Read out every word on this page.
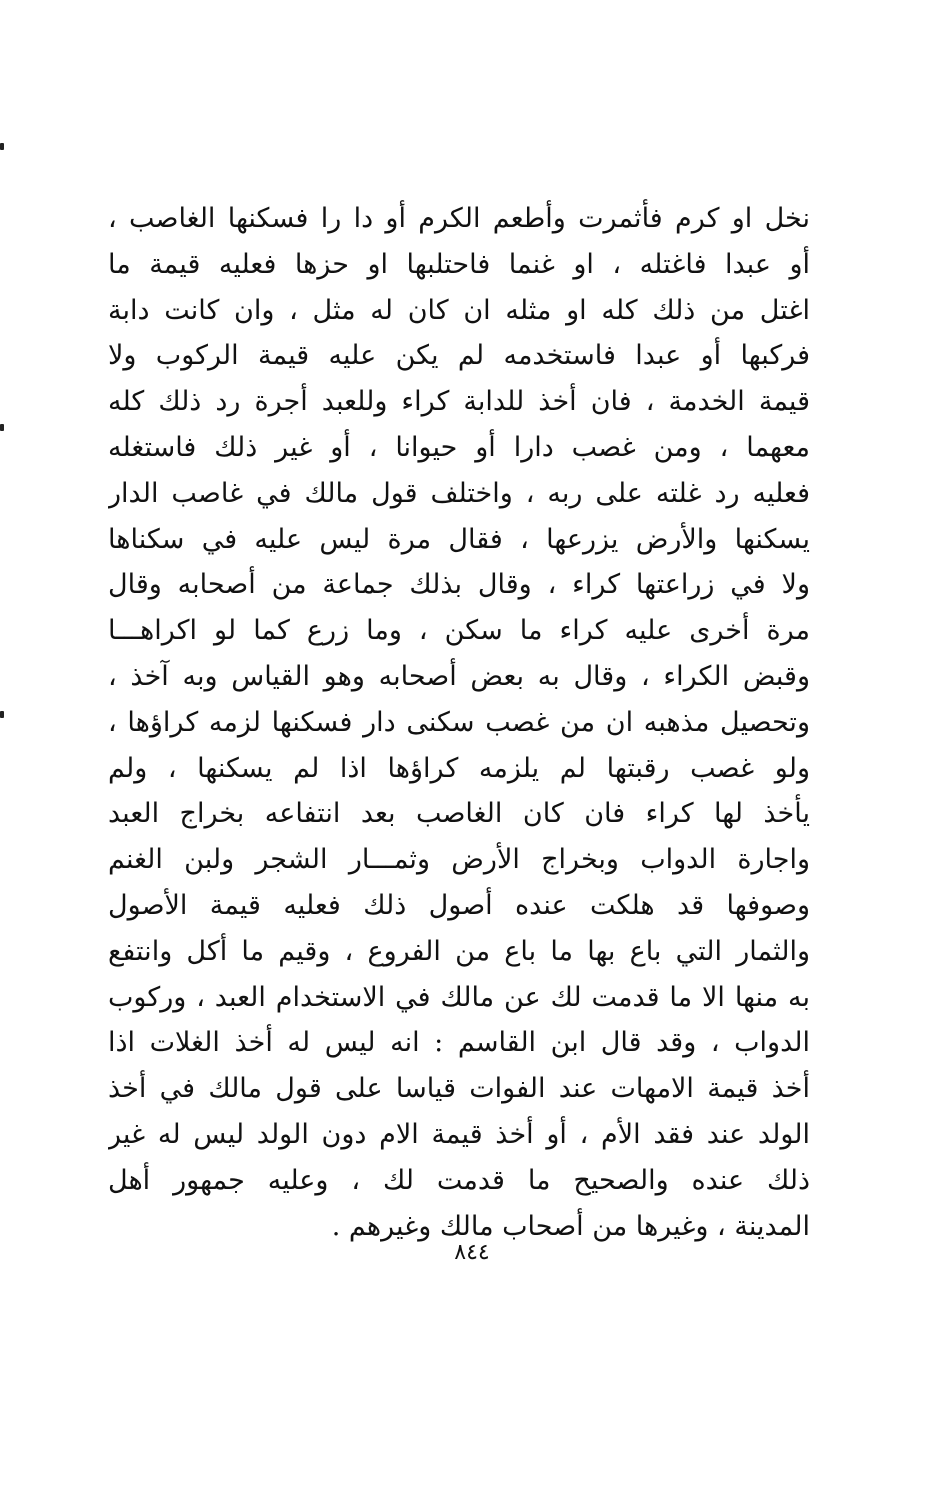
نخل او كرم فأثمرت وأطعم الكرم أو دا را فسكنها الغاصب ،
أو عبدا فاغتله ، او غنما فاحتلبها او حزها فعليه قيمة ما
اغتل من ذلك كله او مثله ان كان له مثل ، وان كانت دابة
فركبها أو عبدا فاستخدمه لم يكن عليه قيمة الركوب ولا
قيمة الخدمة ، فان أخذ للدابة كراء وللعبد أجرة رد ذلك كله
معهما ، ومن غصب دارا أو حيوانا ، أو غير ذلك فاستغله
فعليه رد غلته على ربه ، واختلف قول مالك في غاصب الدار
يسكنها والأرض يزرعها ، فقال مرة ليس عليه في سكناها
ولا في زراعتها كراء ، وقال بذلك جماعة من أصحابه وقال
مرة أخرى عليه كراء ما سكن ، وما زرع كما لو اكراهـــا
وقبض الكراء ، وقال به بعض أصحابه وهو القياس وبه آخذ ،
وتحصيل مذهبه ان من غصب سكنى دار فسكنها لزمه كراؤها ،
ولو غصب رقبتها لم يلزمه كراؤها اذا لم يسكنها ، ولم
يأخذ لها كراء فان كان الغاصب بعد انتفاعه بخراج العبد
واجارة الدواب وبخراج الأرض وثمـــار الشجر ولبن الغنم
وصوفها قد هلكت عنده أصول ذلك فعليه قيمة الأصول
والثمار التي باع بها ما باع من الفروع ، وقيم ما أكل وانتفع
به منها الا ما قدمت لك عن مالك في الاستخدام العبد ، وركوب
الدواب ، وقد قال ابن القاسم : انه ليس له أخذ الغلات اذا
أخذ قيمة الامهات عند الفوات قياسا على قول مالك في أخذ
الولد عند فقد الأم ، أو أخذ قيمة الام دون الولد ليس له غير
ذلك عنده والصحيح ما قدمت لك ، وعليه جمهور أهل
المدينة ، وغيرها من أصحاب مالك وغيرهم .
٨٤٤
